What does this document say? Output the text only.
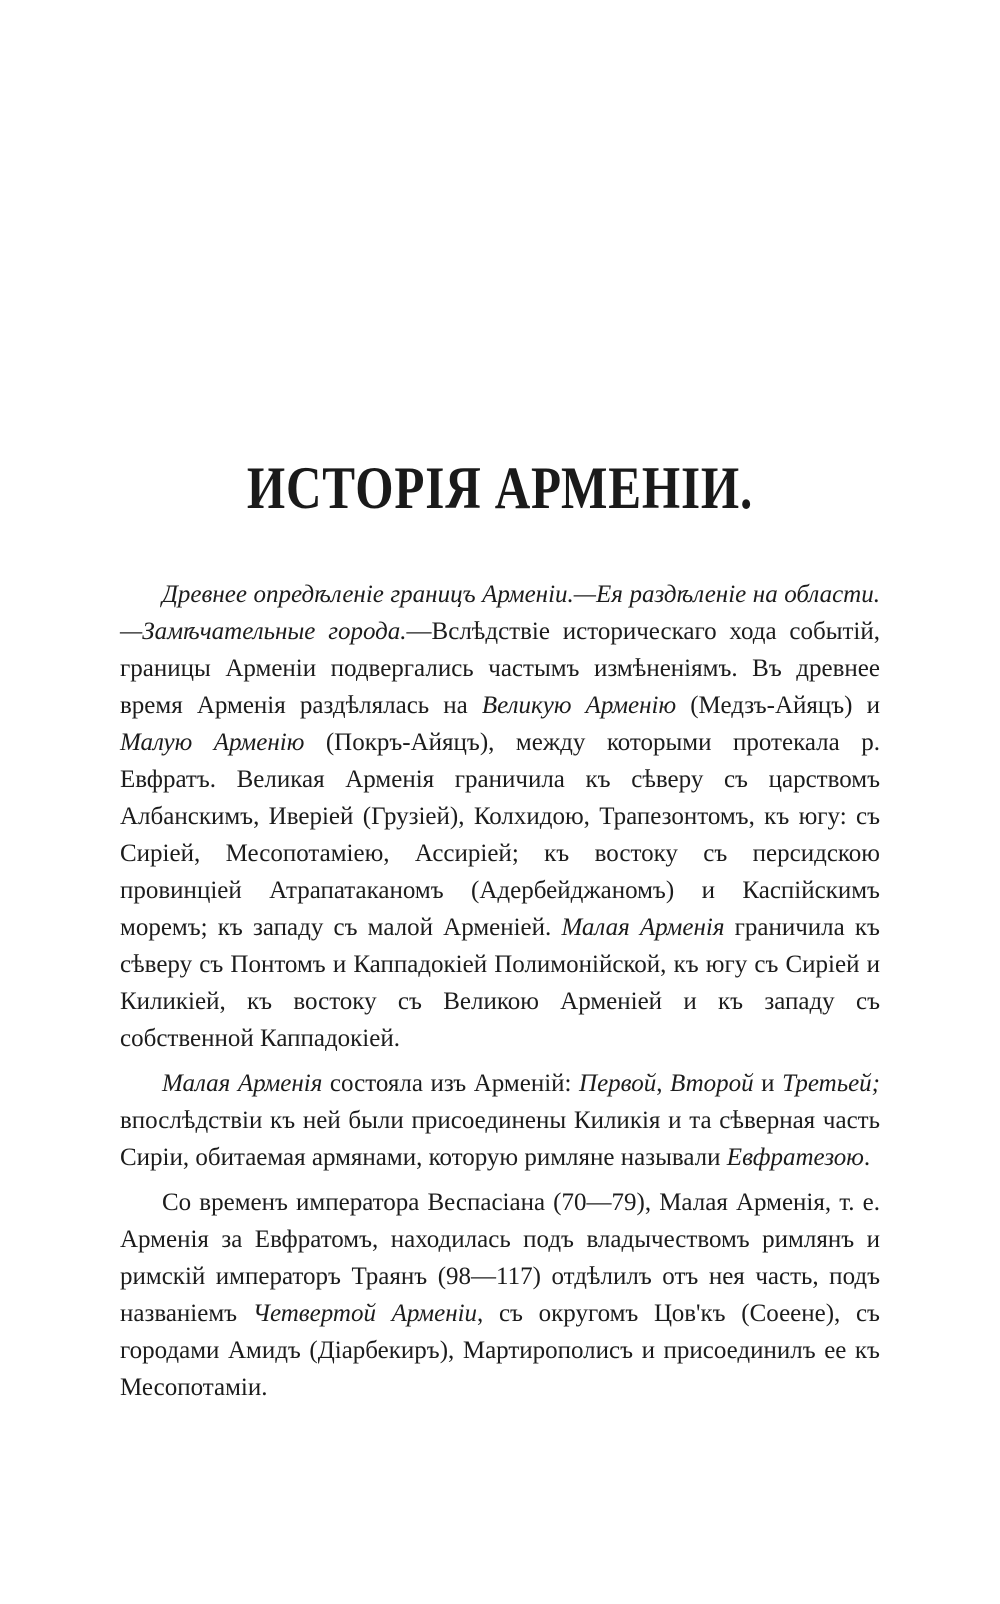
ИСТОРІЯ АРМЕНІИ.

Древнее опредѣленіе границъ Арменіи.—Ея раздѣленіе на области.—Замѣчательные города.—Вслѣдствіе историческаго хода событій, границы Арменіи подвергались частымъ измѣненіямъ. Въ древнее время Арменія раздѣлялась на Великую Арменію (Медзъ-Айяцъ) и Малую Арменію (Покръ-Айяцъ), между которыми протекала р. Евфратъ. Великая Арменія граничила къ сѣверу съ царствомъ Албанскимъ, Иверіей (Грузіей), Колхидою, Трапезонтомъ, къ югу: съ Сиріей, Месопотаміею, Ассиріей; къ востоку съ персидскою провинціей Атрапатаканомъ (Адербейджаномъ) и Каспійскимъ моремъ; къ западу съ малой Арменіей. Малая Арменія граничила къ сѣверу съ Понтомъ и Каппадокіей Полимонійской, къ югу съ Сиріей и Киликіей, къ востоку съ Великою Арменіей и къ западу съ собственной Каппадокіей.

Малая Арменія состояла изъ Арменій: Первой, Второй и Третьей; впослѣдствіи къ ней были присоединены Киликія и та сѣверная часть Сиріи, обитаемая армянами, которую римляне называли Евфратезою.

Со временъ императора Веспасіана (70—79), Малая Арменія, т. е. Арменія за Евфратомъ, находилась подъ владычествомъ римлянъ и римскій императоръ Траянъ (98—117) отдѣлилъ отъ нея часть, подъ названіемъ Четвертой Арменіи, съ округомъ Цов'къ (Соеене), съ городами Амидъ (Діарбекиръ), Мартирополисъ и присоединилъ ее къ Месопотаміи.
